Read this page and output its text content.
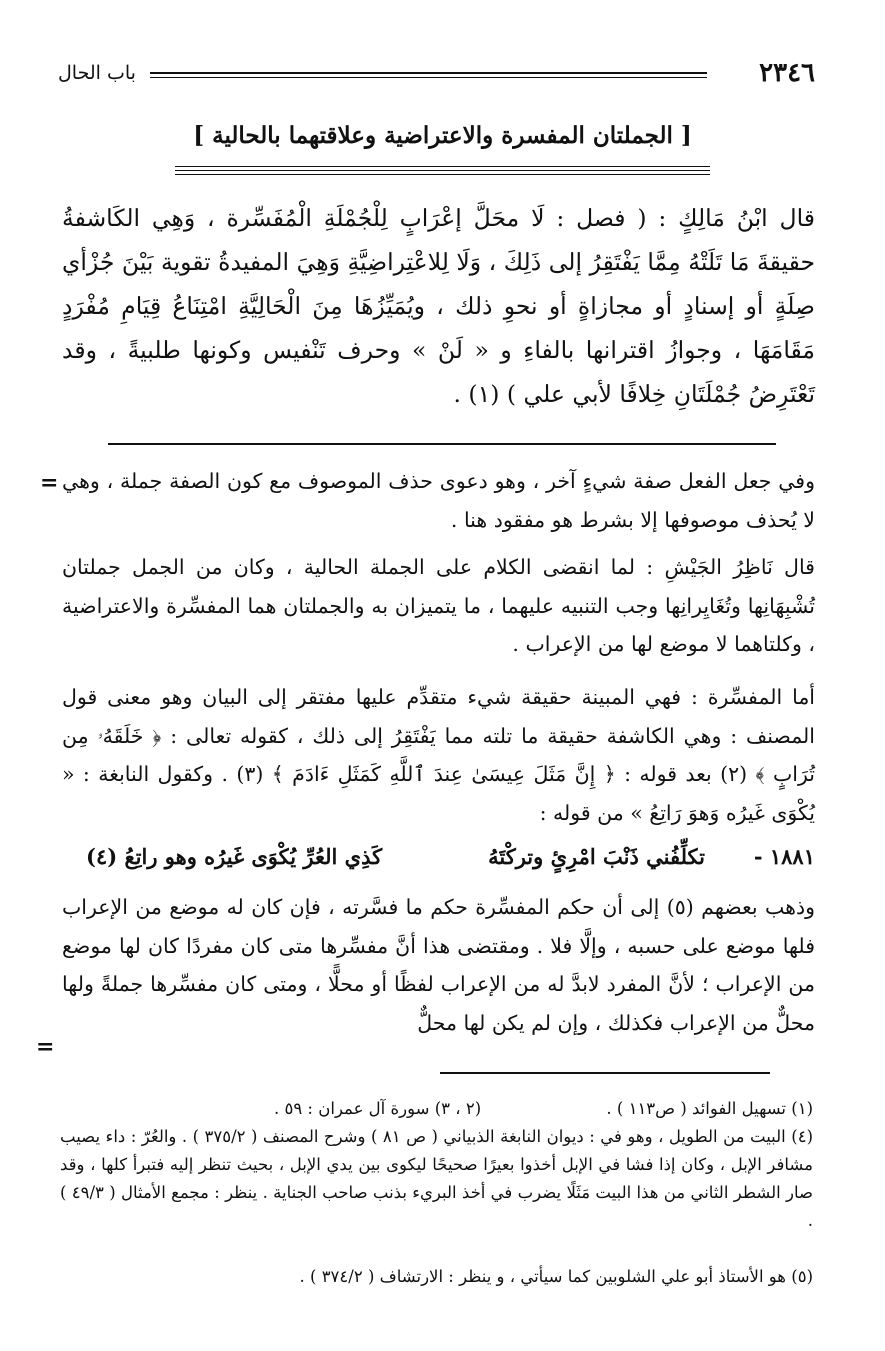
٢٣٤٦
باب الحال
[ الجملتان المفسرة والاعتراضية وعلاقتهما بالحالية ]

قال ابْنُ مَالِكٍ : ( فصل : لَا محَلَّ إعْرَابٍ لِلْجُمْلَةِ الْمُفَسِّرة ، وَهِي الكَاشفةُ حقيقةَ مَا تَلَتْهُ مِمَّا يَفْتَقِرُ إلى ذَلِكَ ، وَلَا لِلاعْتِراضِيَّةِ وَهِيَ المفيدةُ تقوية بَيْنَ جُزْأي صِلَةٍ أو إسنادٍ أو مجازاةٍ أو نحوِ ذلك ، ويُمَيِّزُهَا مِنَ الْحَالِيَّةِ امْتِنَاعُ قِيَامِ مُفْرَدٍ مَقَامَهَا ، وجوازُ اقترانها بالفاءِ و « لَنْ » وحرف تَنْفيس وكونها طلبيةً ، وقد تَعْتَرِضُ جُمْلَتَانِ خِلافًا لأبي علي ) (١) .

= وفي جعل الفعل صفة شيءٍ آخر ، وهو دعوى حذف الموصوف مع كون الصفة جملة ، وهي لا يُحذف موصوفها إلا بشرط هو مفقود هنا .

قال نَاظِرُ الجَيْشِ : لما انقضى الكلام على الجملة الحالية ، وكان من الجمل جملتان تُشْبِهَانِها وتُغَايِرانِها وجب التنبيه عليهما ، ما يتميزان به والجملتان هما المفسِّرة والاعتراضية ، وكلتاهما لا موضع لها من الإعراب .

أما المفسِّرة : فهي المبينة حقيقة شيء متقدِّم عليها مفتقر إلى البيان وهو معنى قول المصنف : وهي الكاشفة حقيقة ما تلته مما يَفْتَقِرُ إلى ذلك ، كقوله تعالى : ﴿ خَلَقَهُۥ مِن تُرَابٍ ﴾ (٢) بعد قوله : ﴿ إِنَّ مَثَلَ عِيسَىٰ عِندَ ٱللَّهِ كَمَثَلِ ءَادَمَ ﴾ (٣) . وكقول النابغة : « يُكْوَى غَيرُه وَهوَ رَاتِعُ » من قوله :

١٨٨١ -
تكلِّفُني ذَنْبَ امْرِئٍ وتركْتَهُ
كَذِي العُرِّ يُكْوَى غَيرُه وهو راتِعُ (٤)

وذهب بعضهم (٥) إلى أن حكم المفسِّرة حكم ما فسَّرته ، فإن كان له موضع من الإعراب فلها موضع على حسبه ، وإلَّا فلا . ومقتضى هذا أنَّ مفسِّرها متى كان مفردًا كان لها موضع من الإعراب ؛ لأنَّ المفرد لابدَّ له من الإعراب لفظًا أو محلًّا ، ومتى كان مفسِّرها جملةً ولها محلٌّ من الإعراب فكذلك ، وإن لم يكن لها محلٌّ

=
(١) تسهيل الفوائد ( ص١١٣ ) . (٢ ، ٣) سورة آل عمران : ٥٩ .
(٤) البيت من الطويل ، وهو في : ديوان النابغة الذبياني ( ص ٨١ ) وشرح المصنف ( ٣٧٥/٢ ) . والعُرّ : داء يصيب مشافر الإبل ، وكان إذا فشا في الإبل أخذوا بعيرًا صحيحًا ليكوى بين يدي الإبل ، بحيث تنظر إليه فتبرأ كلها ، وقد صار الشطر الثاني من هذا البيت مَثَلًا يضرب في أخذ البريء بذنب صاحب الجناية . ينظر : مجمع الأمثال ( ٤٩/٣ ) .
(٥) هو الأستاذ أبو علي الشلوبين كما سيأتي ، و ينظر : الارتشاف ( ٣٧٤/٢ ) .
